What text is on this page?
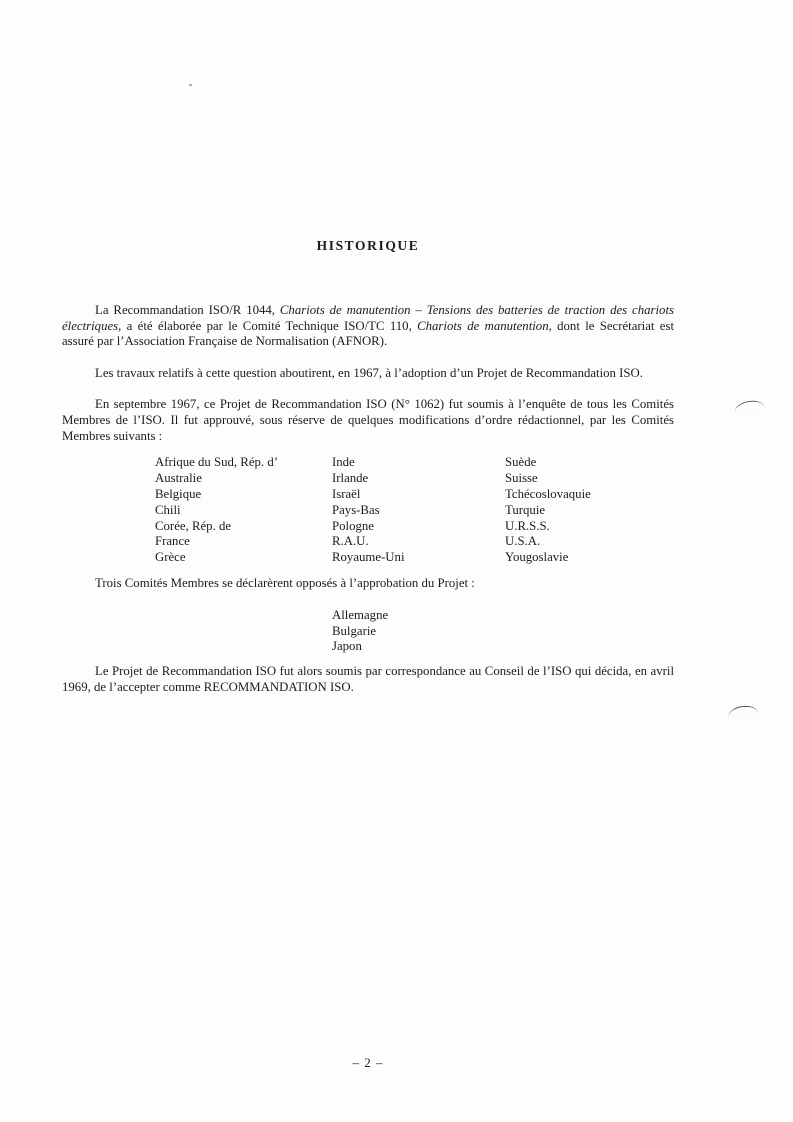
HISTORIQUE

La Recommandation ISO/R 1044, Chariots de manutention – Tensions des batteries de traction des chariots électriques, a été élaborée par le Comité Technique ISO/TC 110, Chariots de manutention, dont le Secrétariat est assuré par l’Association Française de Normalisation (AFNOR).

Les travaux relatifs à cette question aboutirent, en 1967, à l’adoption d’un Projet de Recommandation ISO.

En septembre 1967, ce Projet de Recommandation ISO (N° 1062) fut soumis à l’enquête de tous les Comités Membres de l’ISO. Il fut approuvé, sous réserve de quelques modifications d’ordre rédactionnel, par les Comités Membres suivants :

Afrique du Sud, Rép. d’
Australie
Belgique
Chili
Corée, Rép. de
France
Grèce
Inde
Irlande
Israël
Pays-Bas
Pologne
R.A.U.
Royaume-Uni
Suède
Suisse
Tchécoslovaquie
Turquie
U.R.S.S.
U.S.A.
Yougoslavie

Trois Comités Membres se déclarèrent opposés à l’approbation du Projet :

Allemagne
Bulgarie
Japon

Le Projet de Recommandation ISO fut alors soumis par correspondance au Conseil de l’ISO qui décida, en avril 1969, de l’accepter comme RECOMMANDATION ISO.

– 2 –
